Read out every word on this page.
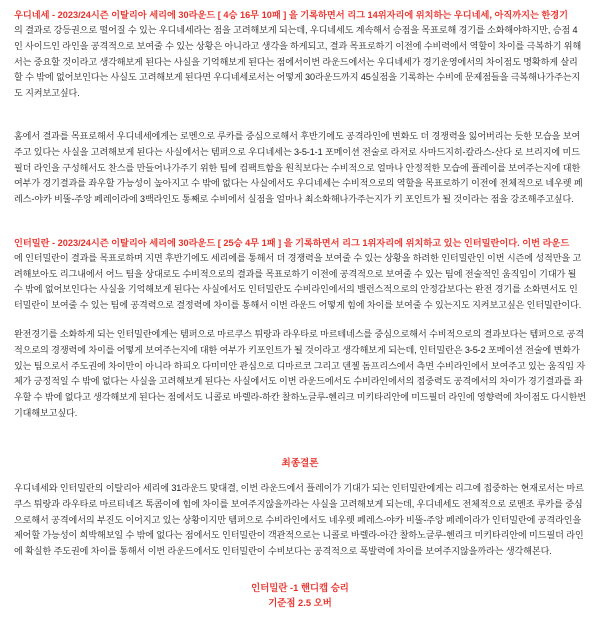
우디네세 - 2023/24시즌 이탈리아 세리에 30라운드 [ 4승 16무 10패 ] 을 기록하면서 리그 14위자리에 위치하는 우디네세, 아직까지는 한경기

의 결과로 강등권으로 떨어질 수 있는 우디네세라는 점을 고려해보게 되는데, 우디네세도 계속해서 승점을 목표로해 경기를 소화해야하지만, 승점 4인 사이드인 라인을 공격적으로 보여줄 수 있는 상황은 아니라고 생각을 하게되고, 결과 목표로하기 이전에 수비력에서 역할이 차이를 극복하기 위해서는 중요할 것이라고 생각해보게 된다는 사실을 기억해보게 된다는 점에서이번 라운드에서는 우디네세가 경기운영에서의 차이점도 명확하게 살리할 수 밖에 없어보인다는 사실도 고려해보게 된다면 우디네세로서는 어떻게 30라운드까지 45실점을 기록하는 수비에 문제점들을 극복해나가주는지도 지켜보고싶다.

홈에서 결과를 목표로해서 우디네세에게는 로멘으로 루카를 중심으로해서 후반기에도 공격라인에 변화도 더 경쟁력을 잃어버리는 듯한 모습을 보여주고 있다는 사실을 고려해보게 된다는 사실에서는 템퍼으로 우디네세는 3-5-1-1 포메이션 전술로 라저로 사마드지히-칼라스-산다 로 브리지에 미드필더 라인을 구성해서도 찬스를 만들어나가주기 위한 팀에 컴팩트함을 원칙보다는 수비적으로 얼마나 안정적한 모습에 플레이를 보여주는지에 대한 여부가 경기결과를 좌우할 가능성이 높아지고 수 밖에 없다는 사실에서도 우디네세는 수비적으로의 역할을 목표로하기 이전에 전체적으로 네우렛 페레스-야카 비뚤-주앙 페레이라에 3백라인도 통째로 수비에서 실점을 얼마나 최소화해나가주는지가 키 포인트가 될 것이라는 점을 강조해주고싶다.

인터밀란 - 2023/24시즌 이탈리아 세리에 30라운드 [ 25승 4무 1패 ] 을 기록하면서 리그 1위자리에 위치하고 있는 인터밀란이다. 이번 라운드

에 인터밀란이 결과를 목표로하며 지면 후반기에도 세리에를 통해서 더 경쟁력을 보여줄 수 있는 상황을 하려한 인터밀란인 이번 시즌에 성적만을 고려해보아도 리그내에서 어느 팀을 상대로도 수비적으로의 결과를 목표로하기 이전에 공격적으로 보여줄 수 있는 팀에 전술적인 움직임이 기대가 될 수 밖에 없어보인다는 사실을 기억해보게 된다는 사실에서도 인터밀란도 수비라인에서의 밸런스적으로의 안정감보다는 완전 경기를 소화면서도 인터밀란이 보여줄 수 있는 팀에 공격력으로 결정력에 차이를 통해서 이번 라운드 어떻게 힘에 차이를 보여줄 수 있는지도 지켜보고싶은 인터밀란이다.

완전경기를 소화하게 되는 인터밀란에게는 템퍼으로 마르쿠스 튀랑과 라우타로 마르테네스를 중심으로해서 수비적으로의 결과보다는 템퍼으로 공격적으로의 경쟁력에 차이를 어떻게 보여주는지에 대한 여부가 키포인트가 될 것이라고 생각해보게 되는데, 인터밀란은 3-5-2 포메이션 전술에 변화가 있는 팀으로서 주도권에 차이만이 아니라 하피오 다미미안 관심으로 디마르코 그리고 덴젤 돔프리스에서 측면 수비라인에서 보여주고 있는 움직임 자체가 긍정적일 수 밖에 없다는 사실을 고려해보게 된다는 사실에서도 이번 라운드에서도 수비라인에서의 접중력도 공격에서의 차이가 경기결과를 좌우할 수 밖에 없다고 생각해보게 된다는 점에서도 니콜로 바렐라-하칸 찰하노글루-헨리크 미키타리안에 미드필더 라인에 영향력에 차이점도 다시한번 기대해보고싶다.

최종결론

우디네세와 인터밀란의 이탈리아 세리에 31라운드 맞대결, 이번 라운드에서 플레이가 기대가 되는 인터밀란에게는 리그에 접중하는 현재로서는 마르쿠스 튀랑과 라우타로 마르티네즈 톡콤이에 힘에 차이를 보여주지않을까라는 사실을 고려해보게 되는데, 우디네세도 전체적으로 로멘조 루카를 중심으로해서 공격에서의 부진도 이어지고 있는 상황이지만 템퍼으로 수비라인에서도 네우렛 페레스-야카 비뚤-주앙 페레이라가 인터밀란에 공격라인을 제어할 가능성이 희박해보일 수 밖에 없다는 점에서도 인터밀란이 객관적으로는 니콜로 바렐라-아간 찰하노글루-헨리크 미키타리안에 미드필더 라인에 확실한 주도권에 차이를 통해서 이번 라운드에서도 인터밀란이 수비보다는 공격적으로 폭발력에 차이를 보여주지않을까라는 생각해본다.

인터밀란 -1 핸디캡 승리
기준점 2.5 오버
